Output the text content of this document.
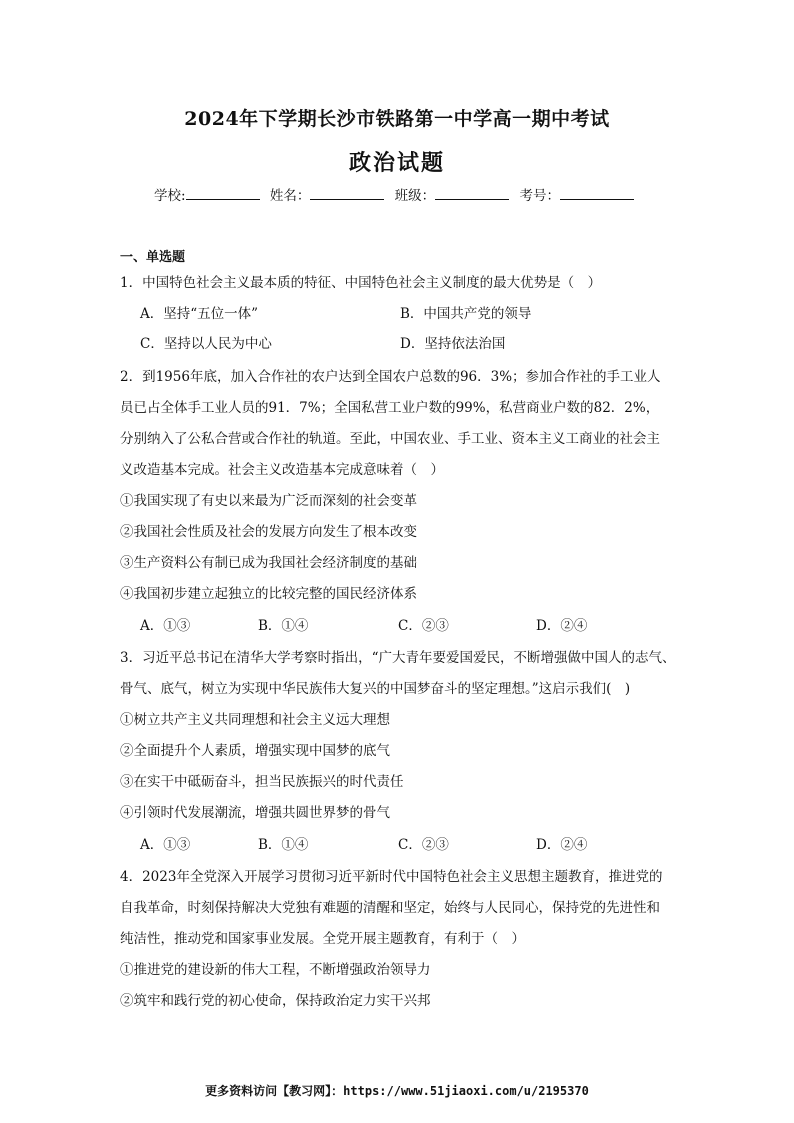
2024年下学期长沙市铁路第一中学高一期中考试
政治试题
学校:	姓名：	班级：	考号：
一、单选题
1．中国特色社会主义最本质的特征、中国特色社会主义制度的最大优势是（　）
A．坚持“五位一体”	B．中国共产党的领导
C．坚持以人民为中心	D．坚持依法治国
2．到1956年底，加入合作社的农户达到全国农户总数的96．3%；参加合作社的手工业人
员已占全体手工业人员的91．7%；全国私营工业户数的99%，私营商业户数的82．2%，
分别纳入了公私合营或合作社的轨道。至此，中国农业、手工业、资本主义工商业的社会主
义改造基本完成。社会主义改造基本完成意味着（　）
①我国实现了有史以来最为广泛而深刻的社会变革
②我国社会性质及社会的发展方向发生了根本改变
③生产资料公有制已成为我国社会经济制度的基础
④我国初步建立起独立的比较完整的国民经济体系
A．①③	B．①④	C．②③	D．②④
3．习近平总书记在清华大学考察时指出，“广大青年要爱国爱民，不断增强做中国人的志气、
骨气、底气，树立为实现中华民族伟大复兴的中国梦奋斗的坚定理想。”这启示我们(　)
①树立共产主义共同理想和社会主义远大理想
②全面提升个人素质，增强实现中国梦的底气
③在实干中砥砺奋斗，担当民族振兴的时代责任
④引领时代发展潮流，增强共圆世界梦的骨气
A．①③	B．①④	C．②③	D．②④
4．2023年全党深入开展学习贯彻习近平新时代中国特色社会主义思想主题教育，推进党的
自我革命，时刻保持解决大党独有难题的清醒和坚定，始终与人民同心，保持党的先进性和
纯洁性，推动党和国家事业发展。全党开展主题教育，有利于（　）
①推进党的建设新的伟大工程，不断增强政治领导力
②筑牢和践行党的初心使命，保持政治定力实干兴邦
更多资料访问【教习网】：https://www.51jiaoxi.com/u/2195370
